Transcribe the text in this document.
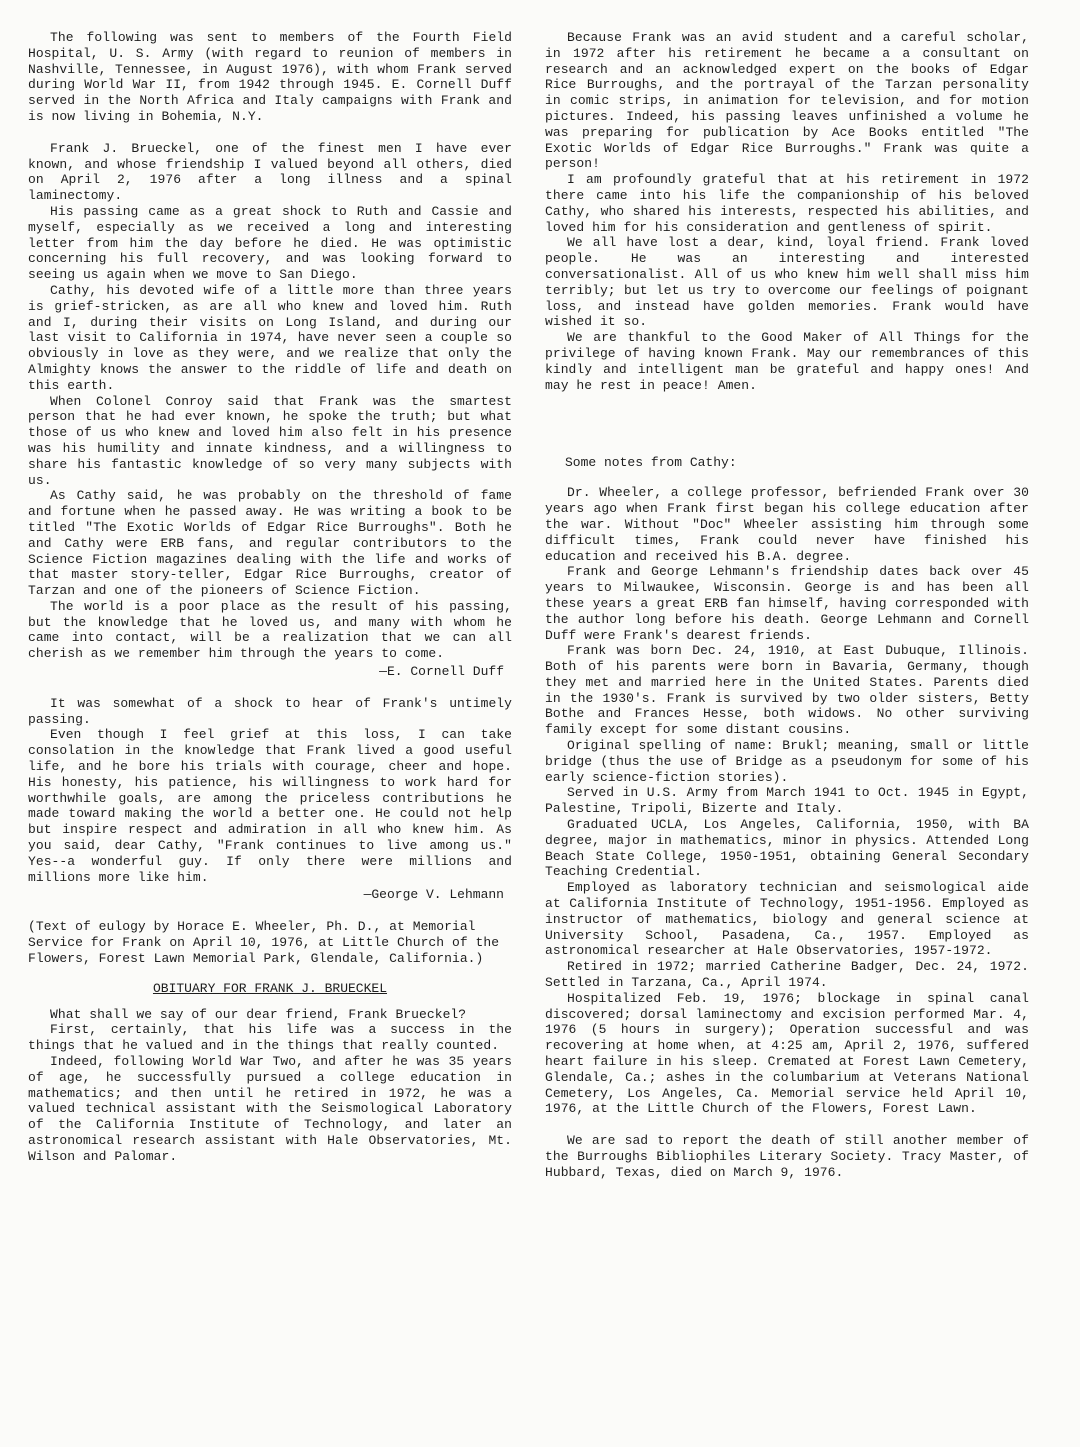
The following was sent to members of the Fourth Field Hospital, U. S. Army (with regard to reunion of members in Nashville, Tennessee, in August 1976), with whom Frank served during World War II, from 1942 through 1945. E. Cornell Duff served in the North Africa and Italy campaigns with Frank and is now living in Bohemia, N.Y.

Frank J. Brueckel, one of the finest men I have ever known, and whose friendship I valued beyond all others, died on April 2, 1976 after a long illness and a spinal laminectomy.

His passing came as a great shock to Ruth and Cassie and myself, especially as we received a long and interesting letter from him the day before he died. He was optimistic concerning his full recovery, and was looking forward to seeing us again when we move to San Diego.

Cathy, his devoted wife of a little more than three years is grief-stricken, as are all who knew and loved him. Ruth and I, during their visits on Long Island, and during our last visit to California in 1974, have never seen a couple so obviously in love as they were, and we realize that only the Almighty knows the answer to the riddle of life and death on this earth.

When Colonel Conroy said that Frank was the smartest person that he had ever known, he spoke the truth; but what those of us who knew and loved him also felt in his presence was his humility and innate kindness, and a willingness to share his fantastic knowledge of so very many subjects with us.

As Cathy said, he was probably on the threshold of fame and fortune when he passed away. He was writing a book to be titled "The Exotic Worlds of Edgar Rice Burroughs". Both he and Cathy were ERB fans, and regular contributors to the Science Fiction magazines dealing with the life and works of that master story-teller, Edgar Rice Burroughs, creator of Tarzan and one of the pioneers of Science Fiction.

The world is a poor place as the result of his passing, but the knowledge that he loved us, and many with whom he came into contact, will be a realization that we can all cherish as we remember him through the years to come.

—E. Cornell Duff

It was somewhat of a shock to hear of Frank's untimely passing.

Even though I feel grief at this loss, I can take consolation in the knowledge that Frank lived a good useful life, and he bore his trials with courage, cheer and hope. His honesty, his patience, his willingness to work hard for worthwhile goals, are among the priceless contributions he made toward making the world a better one. He could not help but inspire respect and admiration in all who knew him. As you said, dear Cathy, "Frank continues to live among us." Yes--a wonderful guy. If only there were millions and millions more like him.

—George V. Lehmann

(Text of eulogy by Horace E. Wheeler, Ph. D., at Memorial Service for Frank on April 10, 1976, at Little Church of the Flowers, Forest Lawn Memorial Park, Glendale, California.)

OBITUARY FOR FRANK J. BRUECKEL

What shall we say of our dear friend, Frank Brueckel?

First, certainly, that his life was a success in the things that he valued and in the things that really counted.

Indeed, following World War Two, and after he was 35 years of age, he successfully pursued a college education in mathematics; and then until he retired in 1972, he was a valued technical assistant with the Seismological Laboratory of the California Institute of Technology, and later an astronomical research assistant with Hale Observatories, Mt. Wilson and Palomar.

Because Frank was an avid student and a careful scholar, in 1972 after his retirement he became a a consultant on research and an acknowledged expert on the books of Edgar Rice Burroughs, and the portrayal of the Tarzan personality in comic strips, in animation for television, and for motion pictures. Indeed, his passing leaves unfinished a volume he was preparing for publication by Ace Books entitled "The Exotic Worlds of Edgar Rice Burroughs." Frank was quite a person!

I am profoundly grateful that at his retirement in 1972 there came into his life the companionship of his beloved Cathy, who shared his interests, respected his abilities, and loved him for his consideration and gentleness of spirit.

We all have lost a dear, kind, loyal friend. Frank loved people. He was an interesting and interested conversationalist. All of us who knew him well shall miss him terribly; but let us try to overcome our feelings of poignant loss, and instead have golden memories. Frank would have wished it so.

We are thankful to the Good Maker of All Things for the privilege of having known Frank. May our remembrances of this kindly and intelligent man be grateful and happy ones! And may he rest in peace! Amen.

Some notes from Cathy:

Dr. Wheeler, a college professor, befriended Frank over 30 years ago when Frank first began his college education after the war. Without "Doc" Wheeler assisting him through some difficult times, Frank could never have finished his education and received his B.A. degree.

Frank and George Lehmann's friendship dates back over 45 years to Milwaukee, Wisconsin. George is and has been all these years a great ERB fan himself, having corresponded with the author long before his death. George Lehmann and Cornell Duff were Frank's dearest friends.

Frank was born Dec. 24, 1910, at East Dubuque, Illinois. Both of his parents were born in Bavaria, Germany, though they met and married here in the United States. Parents died in the 1930's. Frank is survived by two older sisters, Betty Bothe and Frances Hesse, both widows. No other surviving family except for some distant cousins.

Original spelling of name: Brukl; meaning, small or little bridge (thus the use of Bridge as a pseudonym for some of his early science-fiction stories).

Served in U.S. Army from March 1941 to Oct. 1945 in Egypt, Palestine, Tripoli, Bizerte and Italy.

Graduated UCLA, Los Angeles, California, 1950, with BA degree, major in mathematics, minor in physics. Attended Long Beach State College, 1950-1951, obtaining General Secondary Teaching Credential.

Employed as laboratory technician and seismological aide at California Institute of Technology, 1951-1956. Employed as instructor of mathematics, biology and general science at University School, Pasadena, Ca., 1957. Employed as astronomical researcher at Hale Observatories, 1957-1972.

Retired in 1972; married Catherine Badger, Dec. 24, 1972. Settled in Tarzana, Ca., April 1974.

Hospitalized Feb. 19, 1976; blockage in spinal canal discovered; dorsal laminectomy and excision performed Mar. 4, 1976 (5 hours in surgery); Operation successful and was recovering at home when, at 4:25 am, April 2, 1976, suffered heart failure in his sleep. Cremated at Forest Lawn Cemetery, Glendale, Ca.; ashes in the columbarium at Veterans National Cemetery, Los Angeles, Ca. Memorial service held April 10, 1976, at the Little Church of the Flowers, Forest Lawn.

We are sad to report the death of still another member of the Burroughs Bibliophiles Literary Society. Tracy Master, of Hubbard, Texas, died on March 9, 1976.
